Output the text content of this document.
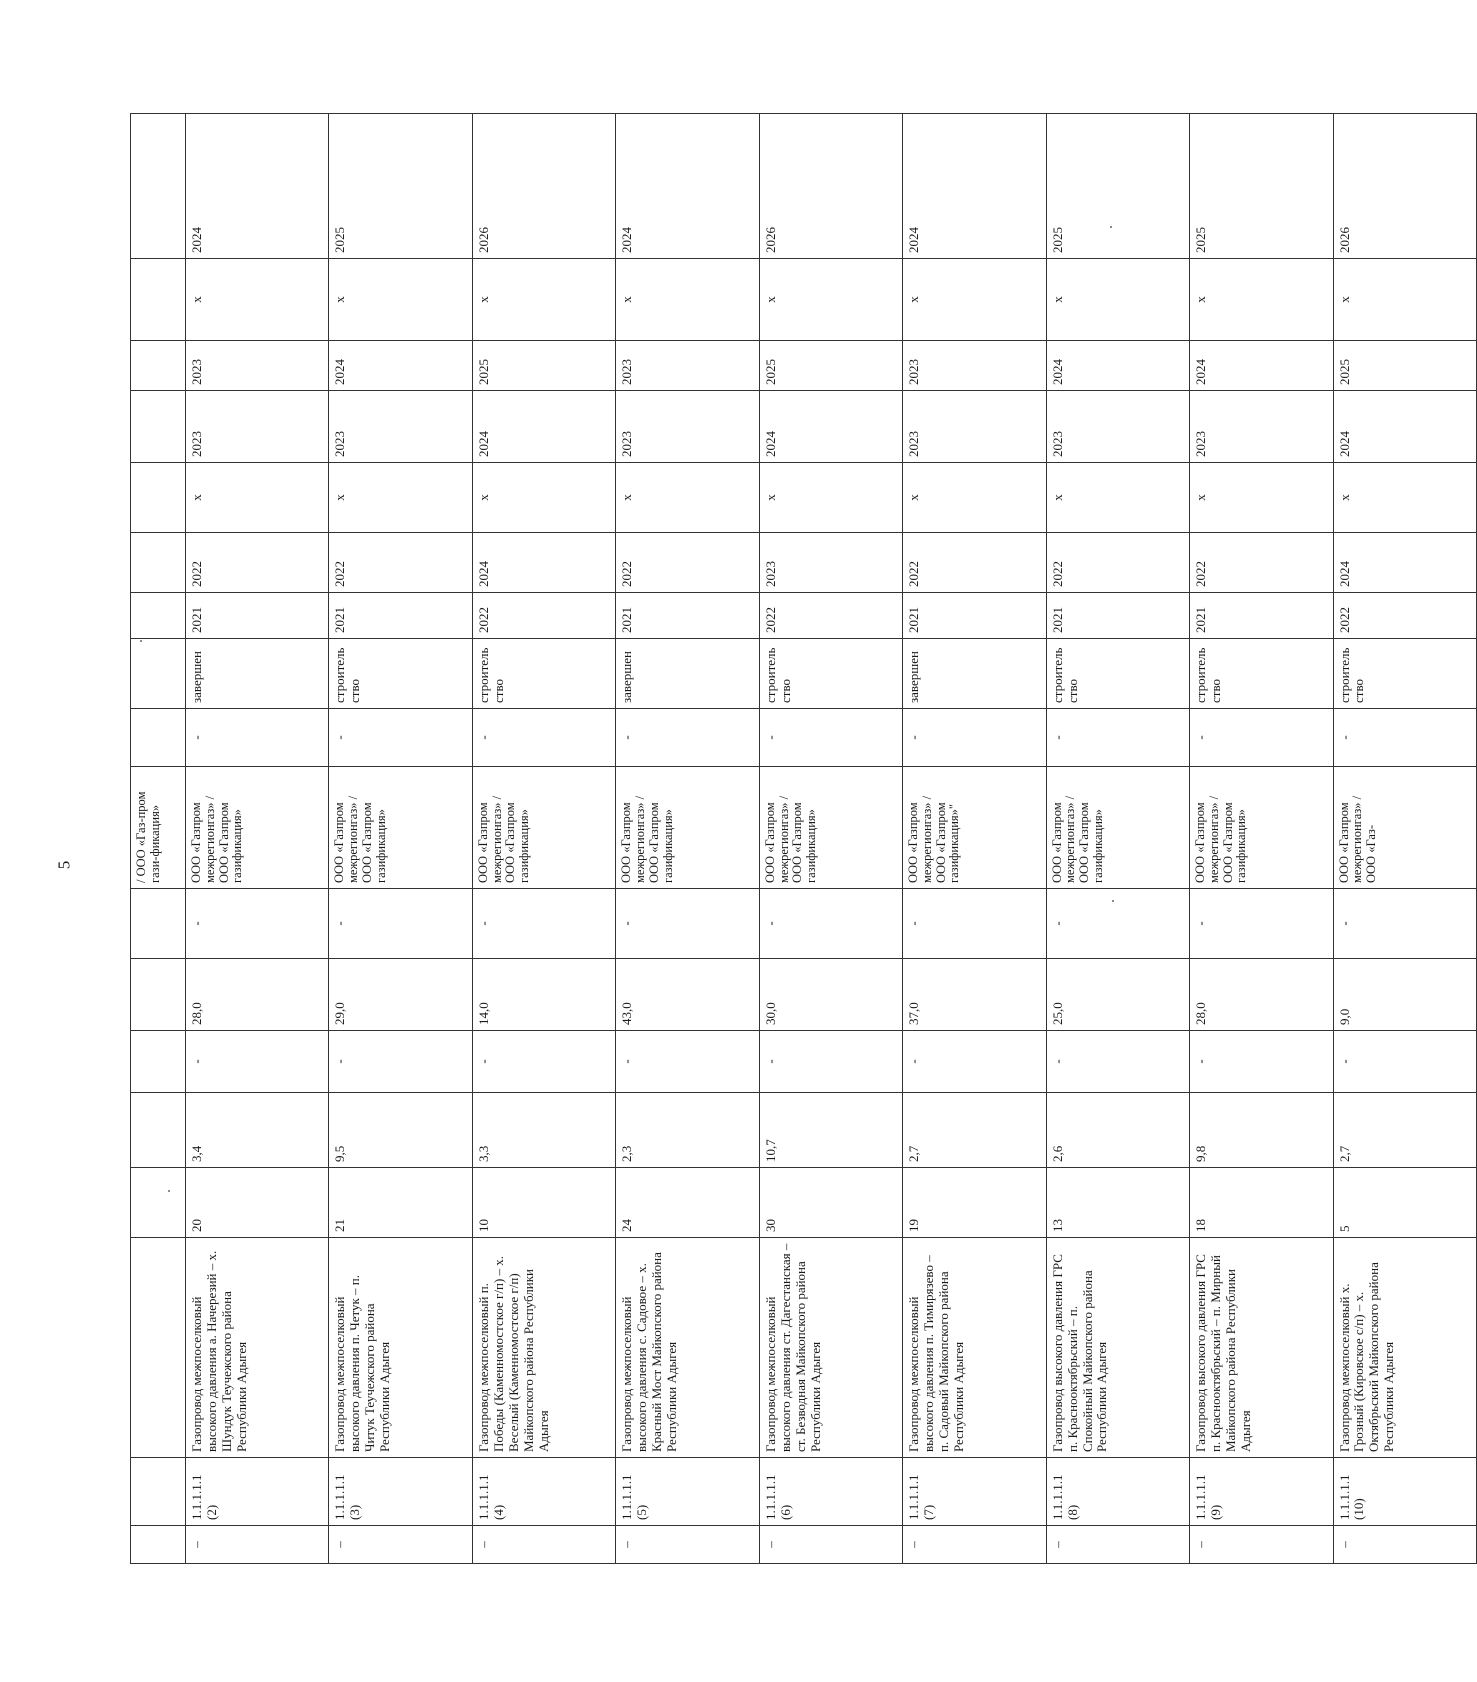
5
									/ ООО «Газ-пром гази-фикация»										
–	1.1.1.1.1 (2)	Газопровод межпоселковый высокого давления а. Начерезий – х. Шундук Теучежского района Республики Адыгея	20	3,4	-	28,0	-	ООО «Газпром межрегионгаз» / ООО «Газпром газификация»	-	завершен	2021	2022	х	2023	2023	х	2024	
–	1.1.1.1.1 (3)	Газопровод межпоселковый высокого давления п. Четук – п. Читук Теучежского района Республики Адыгея	21	9,5	-	29,0	-	ООО «Газпром межрегионгаз» / ООО «Газпром газификация»	-	строительство	2021	2022	х	2023	2024	х	2025	
–	1.1.1.1.1 (4)	Газопровод межпоселковый п. Победы (Каменномостское г/п) – х. Веселый (Каменномостское г/п) Майкопского района Республики Адыгея	10	3,3	-	14,0	-	ООО «Газпром межрегионгаз» / ООО «Газпром газификация»	-	строительство	2022	2024	х	2024	2025	х	2026	
–	1.1.1.1.1 (5)	Газопровод межпоселковый высокого давления с. Садовое – х. Красный Мост Майкопского района Республики Адыгея	24	2,3	-	43,0	-	ООО «Газпром межрегионгаз» / ООО «Газпром газификация»	-	завершен	2021	2022	х	2023	2023	х	2024	
–	1.1.1.1.1 (6)	Газопровод межпоселковый высокого давления ст. Дагестанская – ст. Безводная Майкопского района Республики Адыгея	30	10,7	-	30,0	-	ООО «Газпром межрегионгаз» / ООО «Газпром газификация»	-	строительство	2022	2023	х	2024	2025	х	2026	
–	1.1.1.1.1 (7)	Газопровод межпоселковый высокого давления п. Тимирязево – п. Садовый Майкопского района Республики Адыгея	19	2,7	-	37,0	-	ООО «Газпром межрегионгаз» / ООО «Газпром газификация»"	-	завершен	2021	2022	х	2023	2023	х	2024	
–	1.1.1.1.1 (8)	Газопровод высокого давления ГРС п. Краснооктябрьский – п. Спокойный Майкопского района Республики Адыгея	13	2,6	-	25,0	-	ООО «Газпром межрегионгаз» / ООО «Газпром газификация»	-	строительство	2021	2022	х	2023	2024	х	2025	
–	1.1.1.1.1 (9)	Газопровод высокого давления ГРС п. Краснооктябрьский – п. Мирный Майкопского района Республики Адыгея	18	9,8	-	28,0	-	ООО «Газпром межрегионгаз» / ООО «Газпром газификация»	-	строительство	2021	2022	х	2023	2024	х	2025	
–	1.1.1.1.1 (10)	Газопровод межпоселковый х. Грозный (Кировское с/п) – х. Октябрьский Майкопского района Республики Адыгея	5	2,7	-	9,0	-	ООО «Газпром межрегионгаз» / ООО «Газ-	-	строительство	2022	2024	х	2024	2025	х	2026	
